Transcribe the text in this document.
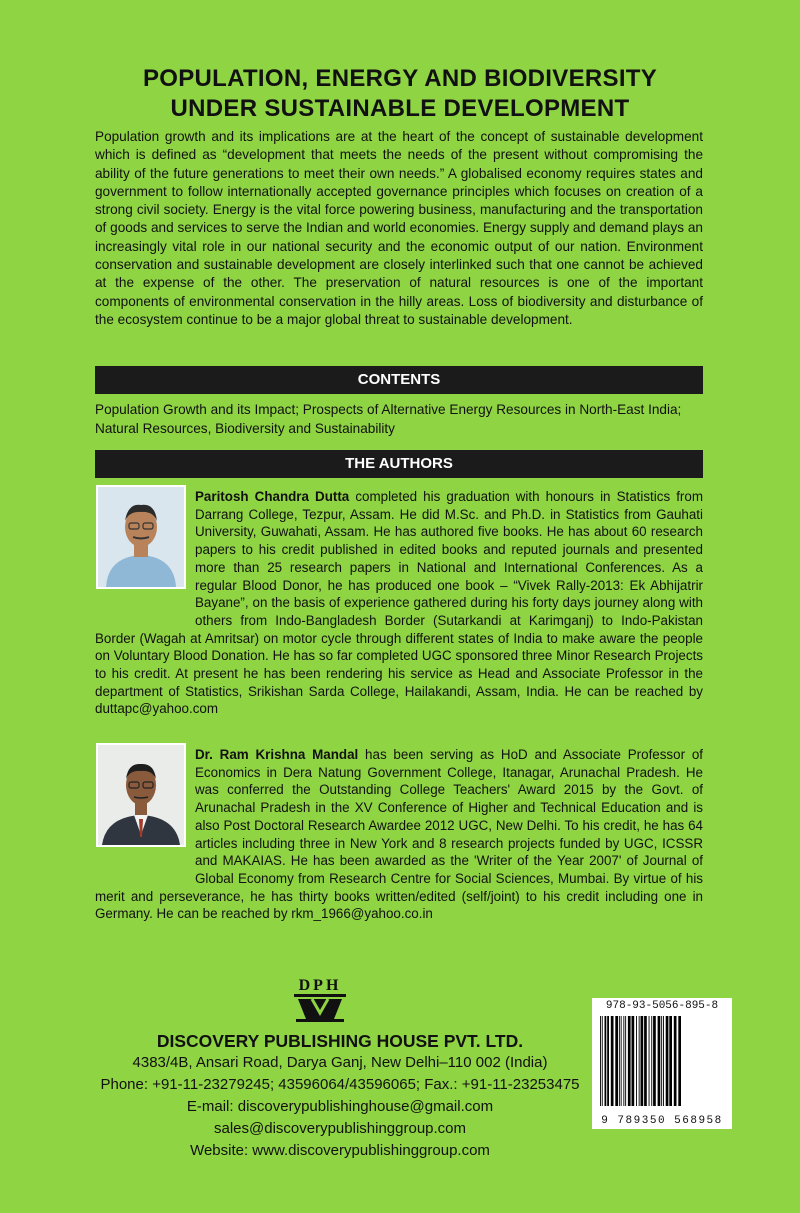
POPULATION, ENERGY AND BIODIVERSITY
UNDER SUSTAINABLE DEVELOPMENT
Population growth and its implications are at the heart of the concept of sustainable development which is defined as “development that meets the needs of the present without compromising the ability of the future generations to meet their own needs.” A globalised economy requires states and government to follow internationally accepted governance principles which focuses on creation of a strong civil society. Energy is the vital force powering business, manufacturing and the transportation of goods and services to serve the Indian and world economies. Energy supply and demand plays an increasingly vital role in our national security and the economic output of our nation. Environment conservation and sustainable development are closely interlinked such that one cannot be achieved at the expense of the other. The preservation of natural resources is one of the important components of environmental conservation in the hilly areas. Loss of biodiversity and disturbance of the ecosystem continue to be a major global threat to sustainable development.
CONTENTS
Population Growth and its Impact; Prospects of Alternative Energy Resources in North-East India; Natural Resources, Biodiversity and Sustainability
THE AUTHORS
Paritosh Chandra Dutta completed his graduation with honours in Statistics from Darrang College, Tezpur, Assam. He did M.Sc. and Ph.D. in Statistics from Gauhati University, Guwahati, Assam. He has authored five books. He has about 60 research papers to his credit published in edited books and reputed journals and presented more than 25 research papers in National and International Conferences. As a regular Blood Donor, he has produced one book – “Vivek Rally-2013: Ek Abhijatrir Bayane”, on the basis of experience gathered during his forty days journey along with others from Indo-Bangladesh Border (Sutarkandi at Karimganj) to Indo-Pakistan Border (Wagah at Amritsar) on motor cycle through different states of India to make aware the people on Voluntary Blood Donation. He has so far completed UGC sponsored three Minor Research Projects to his credit. At present he has been rendering his service as Head and Associate Professor in the department of Statistics, Srikishan Sarda College, Hailakandi, Assam, India. He can be reached by duttapc@yahoo.com
Dr. Ram Krishna Mandal has been serving as HoD and Associate Professor of Economics in Dera Natung Government College, Itanagar, Arunachal Pradesh. He was conferred the Outstanding College Teachers' Award 2015 by the Govt. of Arunachal Pradesh in the XV Conference of Higher and Technical Education and is also Post Doctoral Research Awardee 2012 UGC, New Delhi. To his credit, he has 64 articles including three in New York and 8 research projects funded by UGC, ICSSR and MAKAIAS. He has been awarded as the 'Writer of the Year 2007' of Journal of Global Economy from Research Centre for Social Sciences, Mumbai. By virtue of his merit and perseverance, he has thirty books written/edited (self/joint) to his credit including one in Germany. He can be reached by rkm_1966@yahoo.co.in
DPH
DISCOVERY PUBLISHING HOUSE PVT. LTD.
4383/4B, Ansari Road, Darya Ganj, New Delhi–110 002 (India)
Phone: +91-11-23279245; 43596064/43596065; Fax.: +91-11-23253475
E-mail: discoverypublishinghouse@gmail.com
sales@discoverypublishinggroup.com
Website: www.discoverypublishinggroup.com
978-93-5056-895-8
9 789350 568958
